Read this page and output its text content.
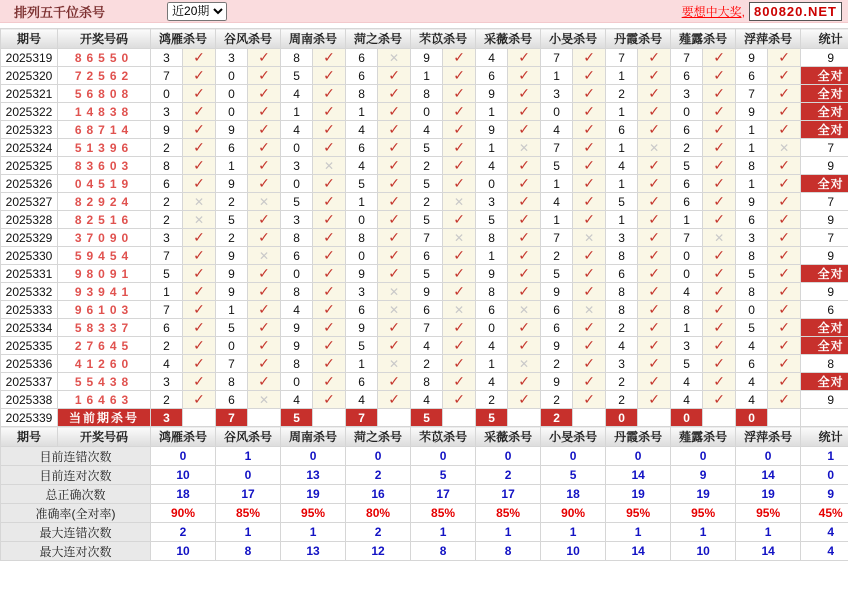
排列五千位杀号
近20期	要想中大奖, 800820.NET
期号	开奖号码	鸿雁杀号		谷风杀号		周南杀号		菏之杀号		芣苡杀号		采薇杀号		小旻杀号		丹霞杀号		薤露杀号		浮萍杀号		统计
2025319	86550	3	✓	3	✓	8	✓	6	✕	9	✓	4	✓	7	✓	7	✓	7	✓	9	✓	9
2025320	72562	7	✓	0	✓	5	✓	6	✓	1	✓	6	✓	1	✓	1	✓	6	✓	6	✓	全对
2025321	56808	0	✓	0	✓	4	✓	8	✓	8	✓	9	✓	3	✓	2	✓	3	✓	7	✓	全对
2025322	14838	3	✓	0	✓	1	✓	1	✓	0	✓	1	✓	0	✓	1	✓	0	✓	9	✓	全对
2025323	68714	9	✓	9	✓	4	✓	4	✓	4	✓	9	✓	4	✓	6	✓	6	✓	1	✓	全对
2025324	51396	2	✓	6	✓	0	✓	6	✓	5	✓	1	✕	7	✓	1	✕	2	✓	1	✕	7
2025325	83603	8	✓	1	✓	3	✕	4	✓	2	✓	4	✓	5	✓	4	✓	5	✓	8	✓	9
2025326	04519	6	✓	9	✓	0	✓	5	✓	5	✓	0	✓	1	✓	1	✓	6	✓	1	✓	全对
2025327	82924	2	✕	2	✕	5	✓	1	✓	2	✕	3	✓	4	✓	5	✓	6	✓	9	✓	7
2025328	82516	2	✕	5	✓	3	✓	0	✓	5	✓	5	✓	1	✓	1	✓	1	✓	6	✓	9
2025329	37090	3	✓	2	✓	8	✓	8	✓	7	✕	8	✓	7	✕	3	✓	7	✕	3	✓	7
2025330	59454	7	✓	9	✕	6	✓	0	✓	6	✓	1	✓	2	✓	8	✓	0	✓	8	✓	9
2025331	98091	5	✓	9	✓	0	✓	9	✓	5	✓	9	✓	5	✓	6	✓	0	✓	5	✓	全对
2025332	93941	1	✓	9	✓	8	✓	3	✕	9	✓	8	✓	9	✓	8	✓	4	✓	8	✓	9
2025333	96103	7	✓	1	✓	4	✓	6	✕	6	✕	6	✕	6	✕	8	✓	8	✓	0	✓	6
2025334	58337	6	✓	5	✓	9	✓	9	✓	7	✓	0	✓	6	✓	2	✓	1	✓	5	✓	全对
2025335	27645	2	✓	0	✓	9	✓	5	✓	4	✓	4	✓	9	✓	4	✓	3	✓	4	✓	全对
2025336	41260	4	✓	7	✓	8	✓	1	✕	2	✓	1	✕	2	✓	3	✓	5	✓	6	✓	8
2025337	55438	3	✓	8	✓	0	✓	6	✓	8	✓	4	✓	9	✓	2	✓	4	✓	4	✓	全对
2025338	16463	2	✓	6	✕	4	✓	4	✓	4	✓	2	✓	2	✓	2	✓	4	✓	4	✓	9
2025339	当前期杀号	3		7		5		7		5		5		2		0		0		0		
期号	开奖号码	鸿雁杀号		谷风杀号		周南杀号		菏之杀号		芣苡杀号		采薇杀号		小旻杀号		丹霞杀号		薤露杀号		浮萍杀号		统计
目前连错次数		0		1		0		0		0		0		0		0		0		0		1
目前连对次数		10		0		13		2		5		2		5		14		9		14		0
总正确次数		18		17		19		16		17		17		18		19		19		19		9
准确率(全对率)		90%		85%		95%		80%		85%		85%		90%		95%		95%		95%		45%
最大连错次数		2		1		1		2		1		1		1		1		1		1		4
最大连对次数		10		8		13		12		8		8		10		14		10		14		4
